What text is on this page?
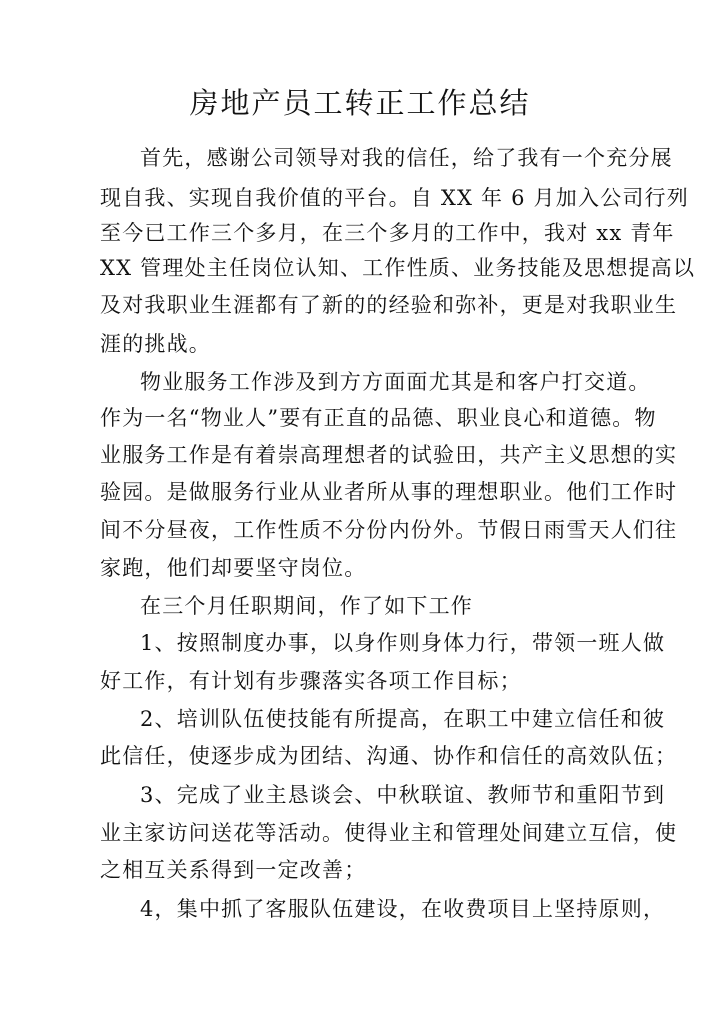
房地产员工转正工作总结
首先，感谢公司领导对我的信任，给了我有一个充分展
现自我、实现自我价值的平台。自 XX 年 6 月加入公司行列
至今已工作三个多月，在三个多月的工作中，我对 xx 青年
XX 管理处主任岗位认知、工作性质、业务技能及思想提高以
及对我职业生涯都有了新的的经验和弥补，更是对我职业生
涯的挑战。
物业服务工作涉及到方方面面尤其是和客户打交道。
作为一名“物业人”要有正直的品德、职业良心和道德。物
业服务工作是有着崇高理想者的试验田，共产主义思想的实
验园。是做服务行业从业者所从事的理想职业。他们工作时
间不分昼夜，工作性质不分份内份外。节假日雨雪天人们往
家跑，他们却要坚守岗位。
在三个月任职期间，作了如下工作
1、按照制度办事，以身作则身体力行，带领一班人做
好工作，有计划有步骤落实各项工作目标；
2、培训队伍使技能有所提高，在职工中建立信任和彼
此信任，使逐步成为团结、沟通、协作和信任的高效队伍；
3、完成了业主恳谈会、中秋联谊、教师节和重阳节到
业主家访问送花等活动。使得业主和管理处间建立互信，使
之相互关系得到一定改善；
4，集中抓了客服队伍建设，在收费项目上坚持原则，
